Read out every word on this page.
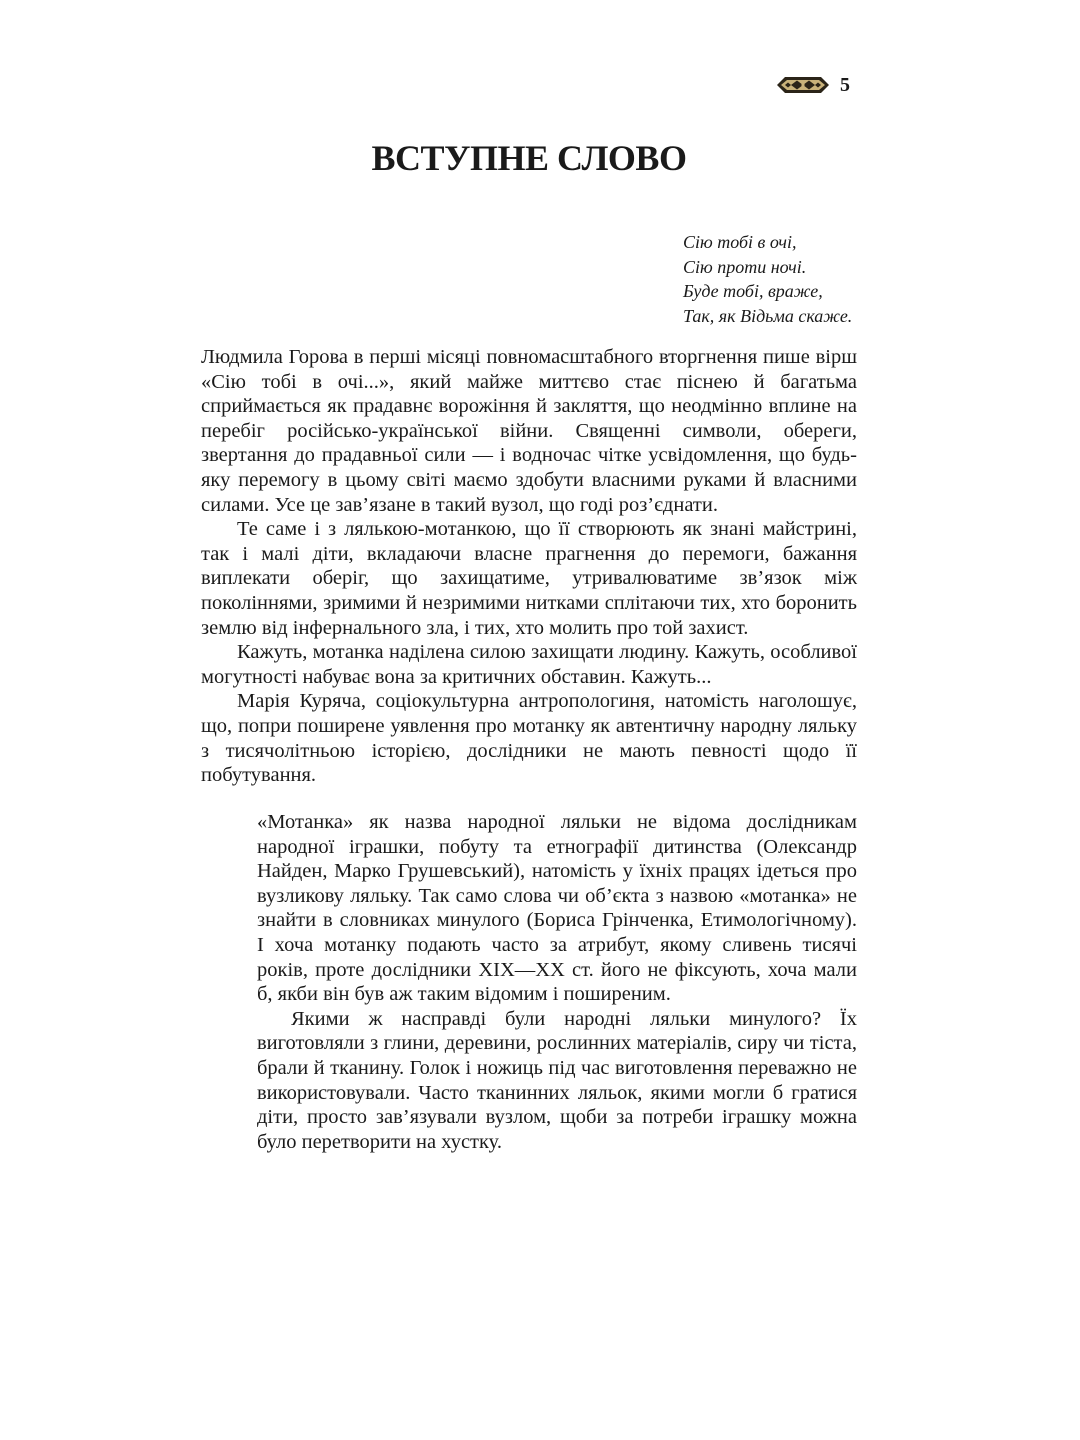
5
ВСТУПНЕ СЛОВО
Сію тобі в очі,
Сію проти ночі.
Буде тобі, враже,
Так, як Відьма скаже.

Людмила Горова в перші місяці повномасштабного вторгнення пише вірш «Сію тобі в очі...», який майже миттєво стає піснею й багатьма сприймається як прадавнє ворожіння й закляття, що неодмінно вплине на перебіг російсько-української війни. Священні символи, обереги, звертання до прадавньої сили — і водночас чітке усвідомлення, що будь-яку перемогу в цьому світі маємо здобути власними руками й власними силами. Усе це зав’язане в такий вузол, що годі роз’єднати.

Те саме і з лялькою-мотанкою, що її створюють як знані майстрині, так і малі діти, вкладаючи власне прагнення до перемоги, бажання виплекати оберіг, що захищатиме, утривалюватиме зв’язок між поколіннями, зримими й незримими нитками сплітаючи тих, хто боронить землю від інфернального зла, і тих, хто молить про той захист.

Кажуть, мотанка наділена силою захищати людину. Кажуть, особливої могутності набуває вона за критичних обставин. Кажуть...

Марія Куряча, соціокультурна антропологиня, натомість наголошує, що, попри поширене уявлення про мотанку як автентичну народну ляльку з тисячолітньою історією, дослідники не мають певності щодо її побутування.

«Мотанка» як назва народної ляльки не відома дослідникам народної іграшки, побуту та етнографії дитинства (Олександр Найден, Марко Грушевський), натомість у їхніх працях ідеться про вузликову ляльку. Так само слова чи об’єкта з назвою «мотанка» не знайти в словниках минулого (Бориса Грінченка, Етимологічному). І хоча мотанку подають часто за атрибут, якому сливень тисячі років, проте дослідники XIX—XX ст. його не фіксують, хоча мали б, якби він був аж таким відомим і поширеним.

Якими ж насправді були народні ляльки минулого? Їх виготовляли з глини, деревини, рослинних матеріалів, сиру чи тіста, брали й тканину. Голок і ножиць під час виготовлення переважно не використовували. Часто тканинних ляльок, якими могли б гратися діти, просто зав’язували вузлом, щоби за потреби іграшку можна було перетворити на хустку.
